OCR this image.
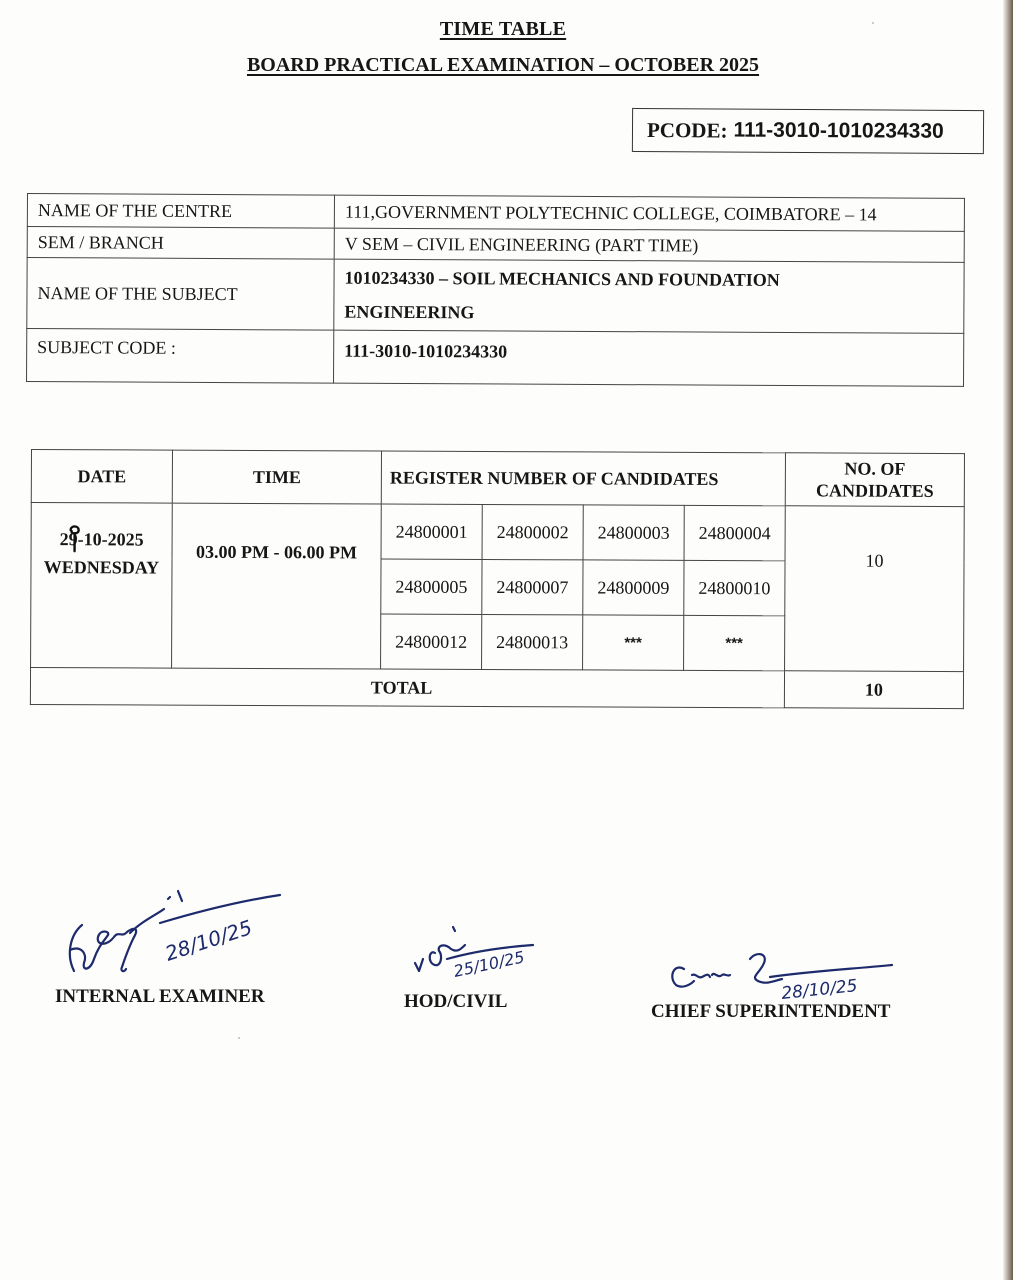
TIME TABLE
BOARD PRACTICAL EXAMINATION – OCTOBER 2025
PCODE: 111-3010-1010234330
NAME OF THE CENTRE	111,GOVERNMENT POLYTECHNIC COLLEGE, COIMBATORE – 14
SEM / BRANCH	V SEM – CIVIL ENGINEERING (PART TIME)
NAME OF THE SUBJECT	1010234330 – SOIL MECHANICS AND FOUNDATION
ENGINEERING

SUBJECT CODE :	111-3010-1010234330
DATE	TIME	REGISTER NUMBER OF CANDIDATES				NO. OF
CANDIDATES

29-10-2025

WEDNESDAY	03.00 PM - 06.00 PM	24800001	24800002	24800003	24800004	10
		24800005	24800007	24800009	24800010	
		24800012	24800013	***	***	
TOTAL						10
28/10/25
INTERNAL EXAMINER
25/10/25
HOD/CIVIL	28/10/25
CHIEF SUPERINTENDENT
